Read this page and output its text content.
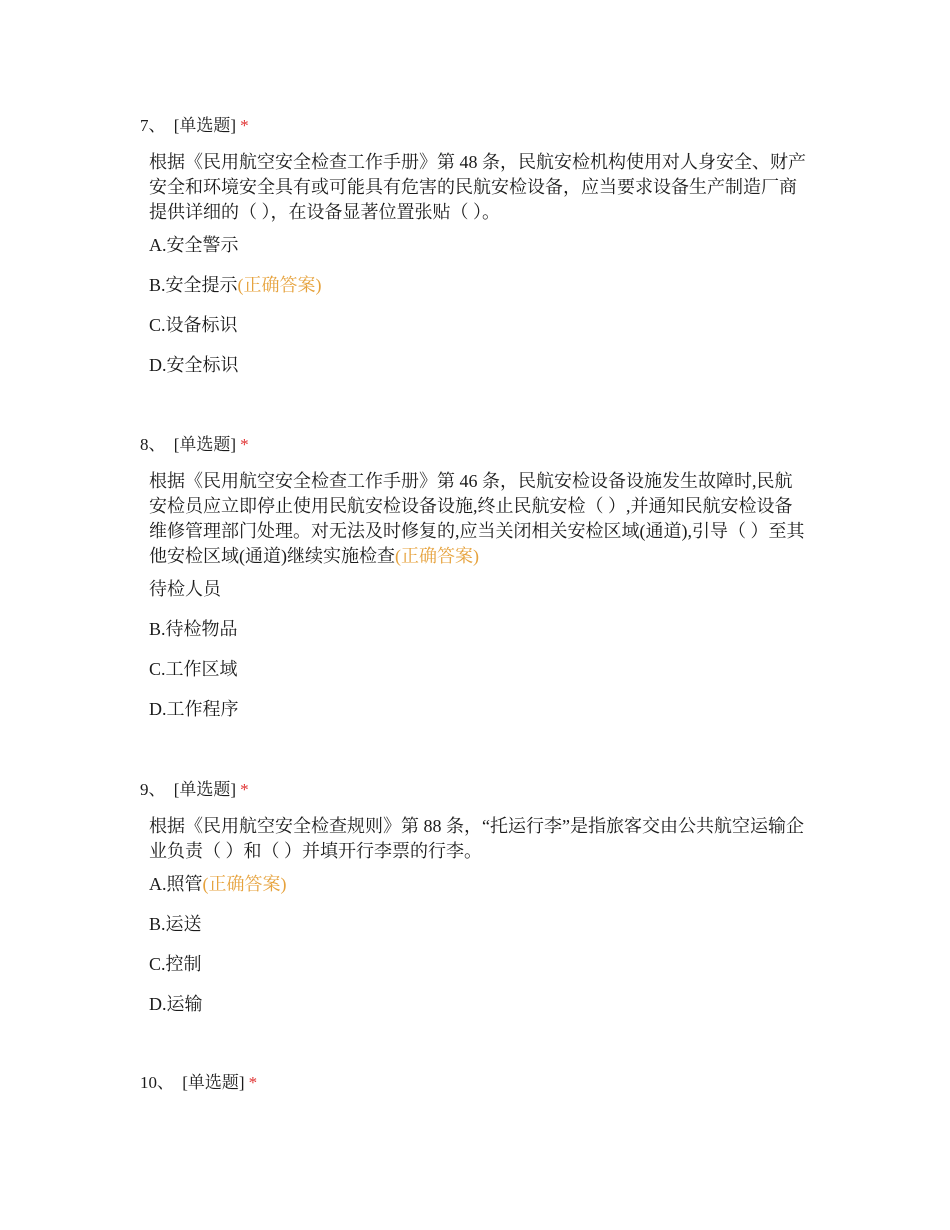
7、 [单选题] *
根据《民用航空安全检查工作手册》第 48 条，民航安检机构使用对人身安全、财产安全和环境安全具有或可能具有危害的民航安检设备，应当要求设备生产制造厂商提供详细的（ ），在设备显著位置张贴（ ）。
A.安全警示
B.安全提示(正确答案)
C.设备标识
D.安全标识
8、 [单选题] *
根据《民用航空安全检查工作手册》第 46 条，民航安检设备设施发生故障时,民航安检员应立即停止使用民航安检设备设施,终止民航安检（ ）,并通知民航安检设备维修管理部门处理。对无法及时修复的,应当关闭相关安检区域(通道),引导（ ）至其他安检区域(通道)继续实施检查(正确答案)
待检人员
B.待检物品
C.工作区域
D.工作程序
9、 [单选题] *
根据《民用航空安全检查规则》第 88 条，“托运行李”是指旅客交由公共航空运输企业负责（ ）和（ ）并填开行李票的行李。
A.照管(正确答案)
B.运送
C.控制
D.运输
10、 [单选题] *
